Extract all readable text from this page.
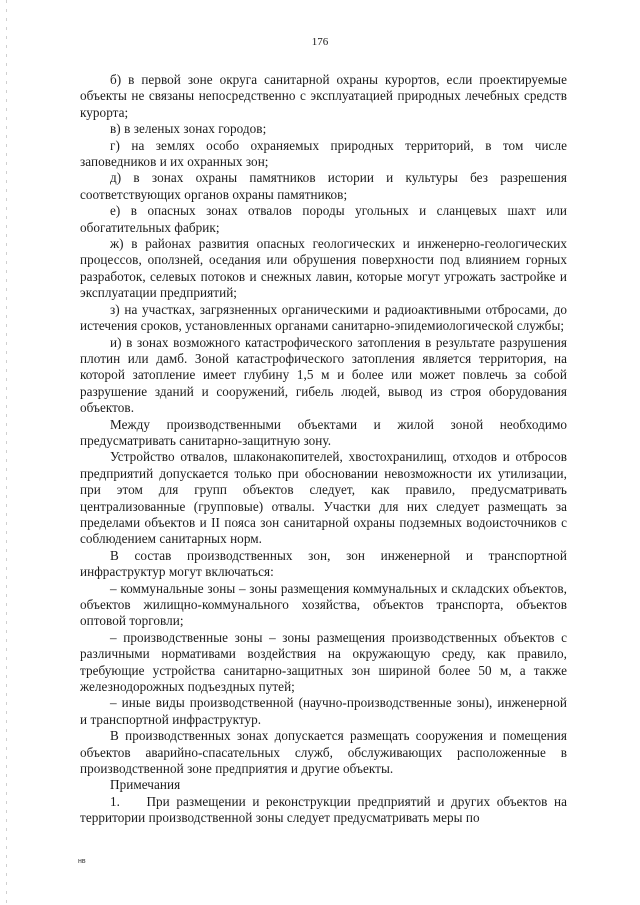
176

б) в первой зоне округа санитарной охраны курортов, если проектируемые объекты не связаны непосредственно с эксплуатацией природных лечебных средств курорта;

в) в зеленых зонах городов;

г) на землях особо охраняемых природных территорий, в том числе заповедников и их охранных зон;

д) в зонах охраны памятников истории и культуры без разрешения соответствующих органов охраны памятников;

е) в опасных зонах отвалов породы угольных и сланцевых шахт или обогатительных фабрик;

ж) в районах развития опасных геологических и инженерно-геологических процессов, оползней, оседания или обрушения поверхности под влиянием горных разработок, селевых потоков и снежных лавин, которые могут угрожать застройке и эксплуатации предприятий;

з) на участках, загрязненных органическими и радиоактивными отбросами, до истечения сроков, установленных органами санитарно-эпидемиологической службы;

и) в зонах возможного катастрофического затопления в результате разрушения плотин или дамб. Зоной катастрофического затопления является территория, на которой затопление имеет глубину 1,5 м и более или может повлечь за собой разрушение зданий и сооружений, гибель людей, вывод из строя оборудования объектов.

Между производственными объектами и жилой зоной необходимо предусматривать санитарно-защитную зону.

Устройство отвалов, шлаконакопителей, хвостохранилищ, отходов и отбросов предприятий допускается только при обосновании невозможности их утилизации, при этом для групп объектов следует, как правило, предусматривать централизованные (групповые) отвалы. Участки для них следует размещать за пределами объектов и II пояса зон санитарной охраны подземных водоисточников с соблюдением санитарных норм.

В состав производственных зон, зон инженерной и транспортной инфраструктур могут включаться:

– коммунальные зоны – зоны размещения коммунальных и складских объектов, объектов жилищно-коммунального хозяйства, объектов транспорта, объектов оптовой торговли;

– производственные зоны – зоны размещения производственных объектов с различными нормативами воздействия на окружающую среду, как правило, требующие устройства санитарно-защитных зон шириной более 50 м, а также железнодорожных подъездных путей;

– иные виды производственной (научно-производственные зоны), инженерной и транспортной инфраструктур.

В производственных зонах допускается размещать сооружения и помещения объектов аварийно-спасательных служб, обслуживающих расположенные в производственной зоне предприятия и другие объекты.

Примечания

1.  При размещении и реконструкции предприятий и других объектов на территории производственной зоны следует предусматривать меры по

нв
